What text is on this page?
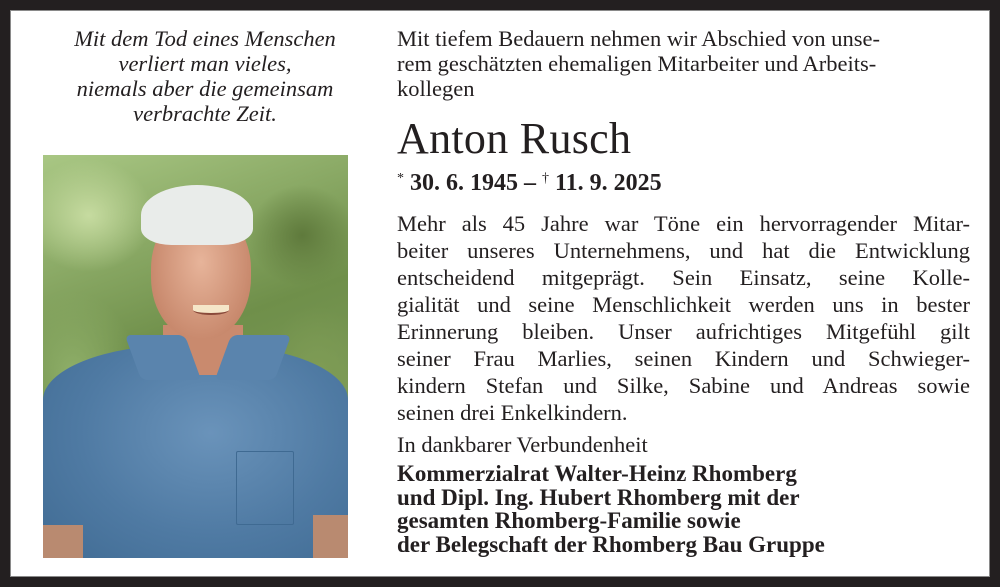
Mit dem Tod eines Menschen
verliert man vieles,
niemals aber die gemeinsam
verbrachte Zeit.
Mit tiefem Bedauern nehmen wir Abschied von unse-
rem geschätzten ehemaligen Mitarbeiter und Arbeits-
kollegen
Anton Rusch
* 30. 6. 1945 – † 11. 9. 2025
Mehr als 45 Jahre war Töne ein hervorragender Mitar-
beiter unseres Unternehmens, und hat die Entwicklung
entscheidend mitgeprägt. Sein Einsatz, seine Kolle-
gialität und seine Menschlichkeit werden uns in bester
Erinnerung bleiben. Unser aufrichtiges Mitgefühl gilt
seiner Frau Marlies, seinen Kindern und Schwieger-
kindern Stefan und Silke, Sabine und Andreas sowie
seinen drei Enkelkindern.
In dankbarer Verbundenheit
Kommerzialrat Walter-Heinz Rhomberg
und Dipl. Ing. Hubert Rhomberg mit der
gesamten Rhomberg-Familie sowie
der Belegschaft der Rhomberg Bau Gruppe
